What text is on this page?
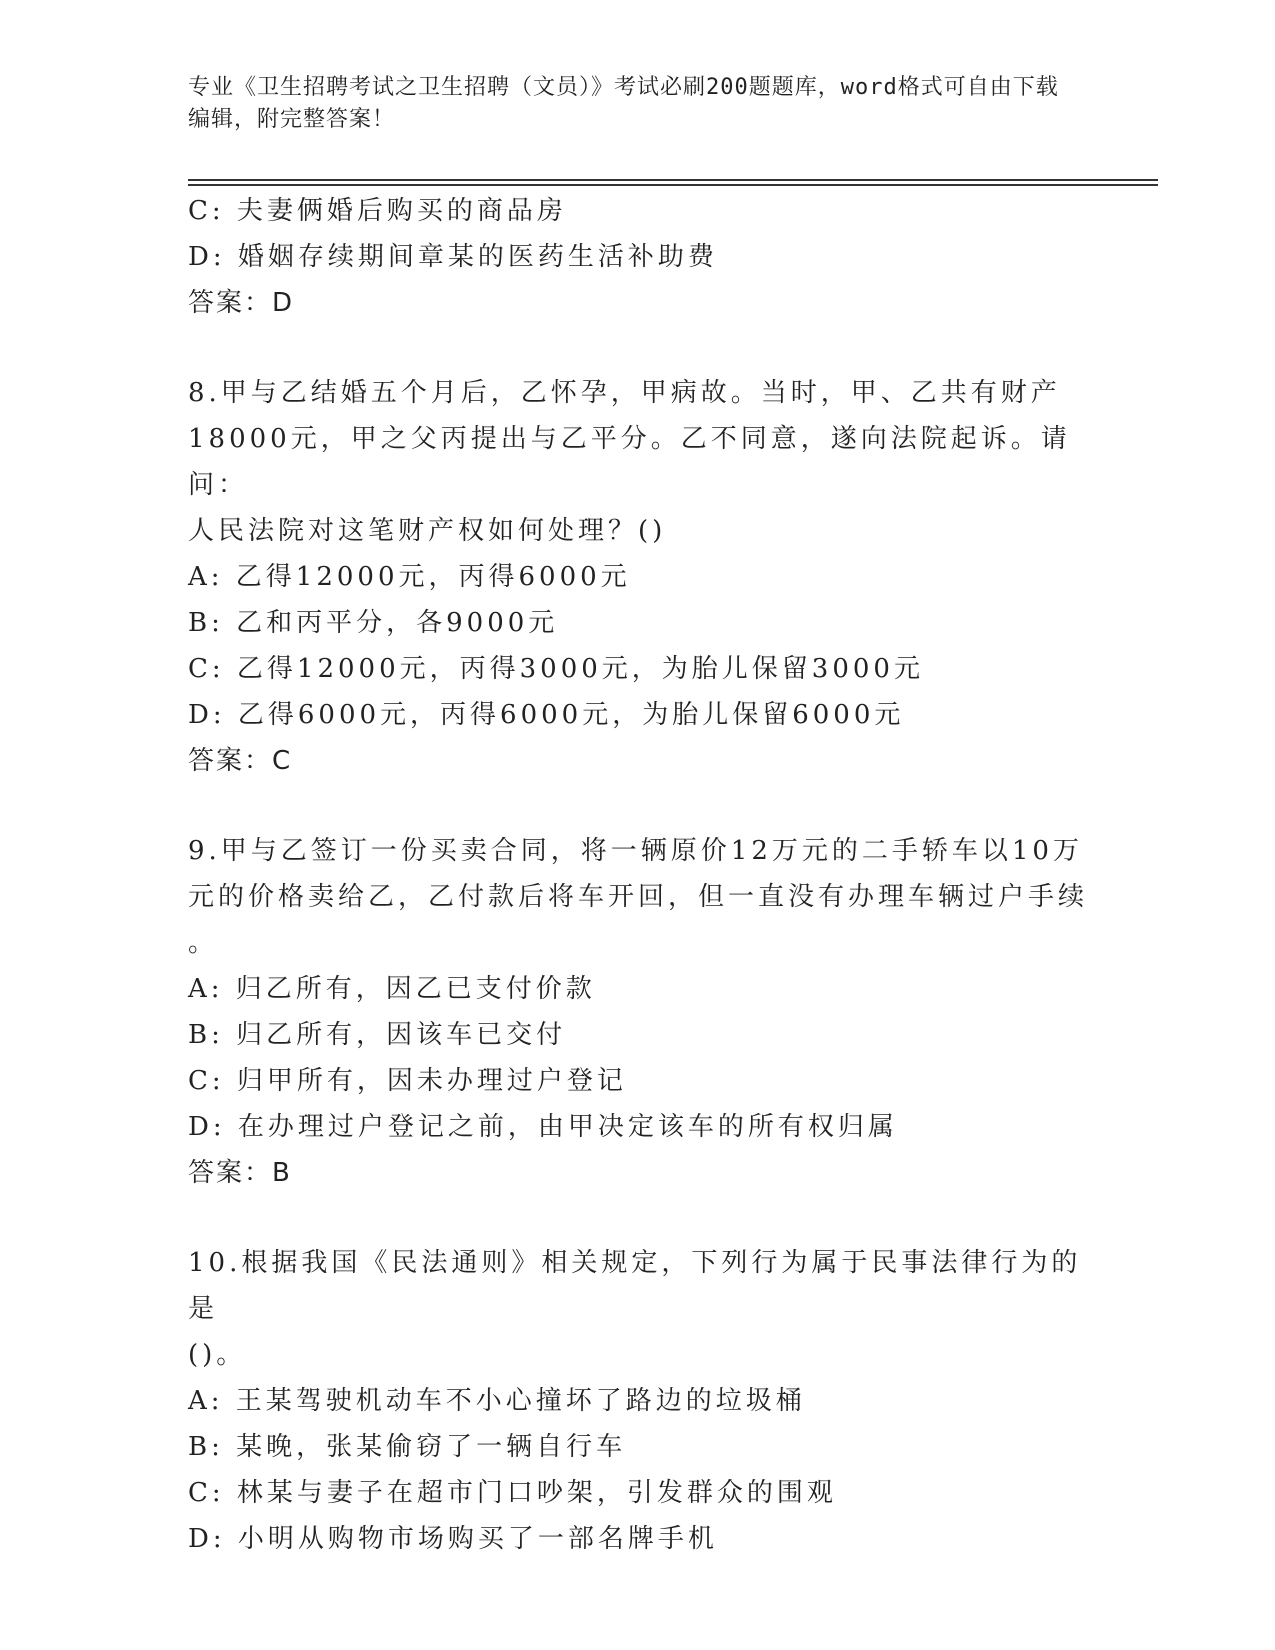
专业《卫生招聘考试之卫生招聘（文员）》考试必刷200题题库，word格式可自由下载编辑，附完整答案！
C: 夫妻俩婚后购买的商品房
D: 婚姻存续期间章某的医药生活补助费
答案：D
8.甲与乙结婚五个月后，乙怀孕，甲病故。当时，甲、乙共有财产
18000元，甲之父丙提出与乙平分。乙不同意，遂向法院起诉。请问：
人民法院对这笔财产权如何处理？()
A: 乙得12000元，丙得6000元
B: 乙和丙平分，各9000元
C: 乙得12000元，丙得3000元，为胎儿保留3000元
D: 乙得6000元，丙得6000元，为胎儿保留6000元
答案：C
9.甲与乙签订一份买卖合同，将一辆原价12万元的二手轿车以10万
元的价格卖给乙，乙付款后将车开回，但一直没有办理车辆过户手续
。
A: 归乙所有，因乙已支付价款
B: 归乙所有，因该车已交付
C: 归甲所有，因未办理过户登记
D: 在办理过户登记之前，由甲决定该车的所有权归属
答案：B
10.根据我国《民法通则》相关规定，下列行为属于民事法律行为的是
()。
A: 王某驾驶机动车不小心撞坏了路边的垃圾桶
B: 某晚，张某偷窃了一辆自行车
C: 林某与妻子在超市门口吵架，引发群众的围观
D: 小明从购物市场购买了一部名牌手机
